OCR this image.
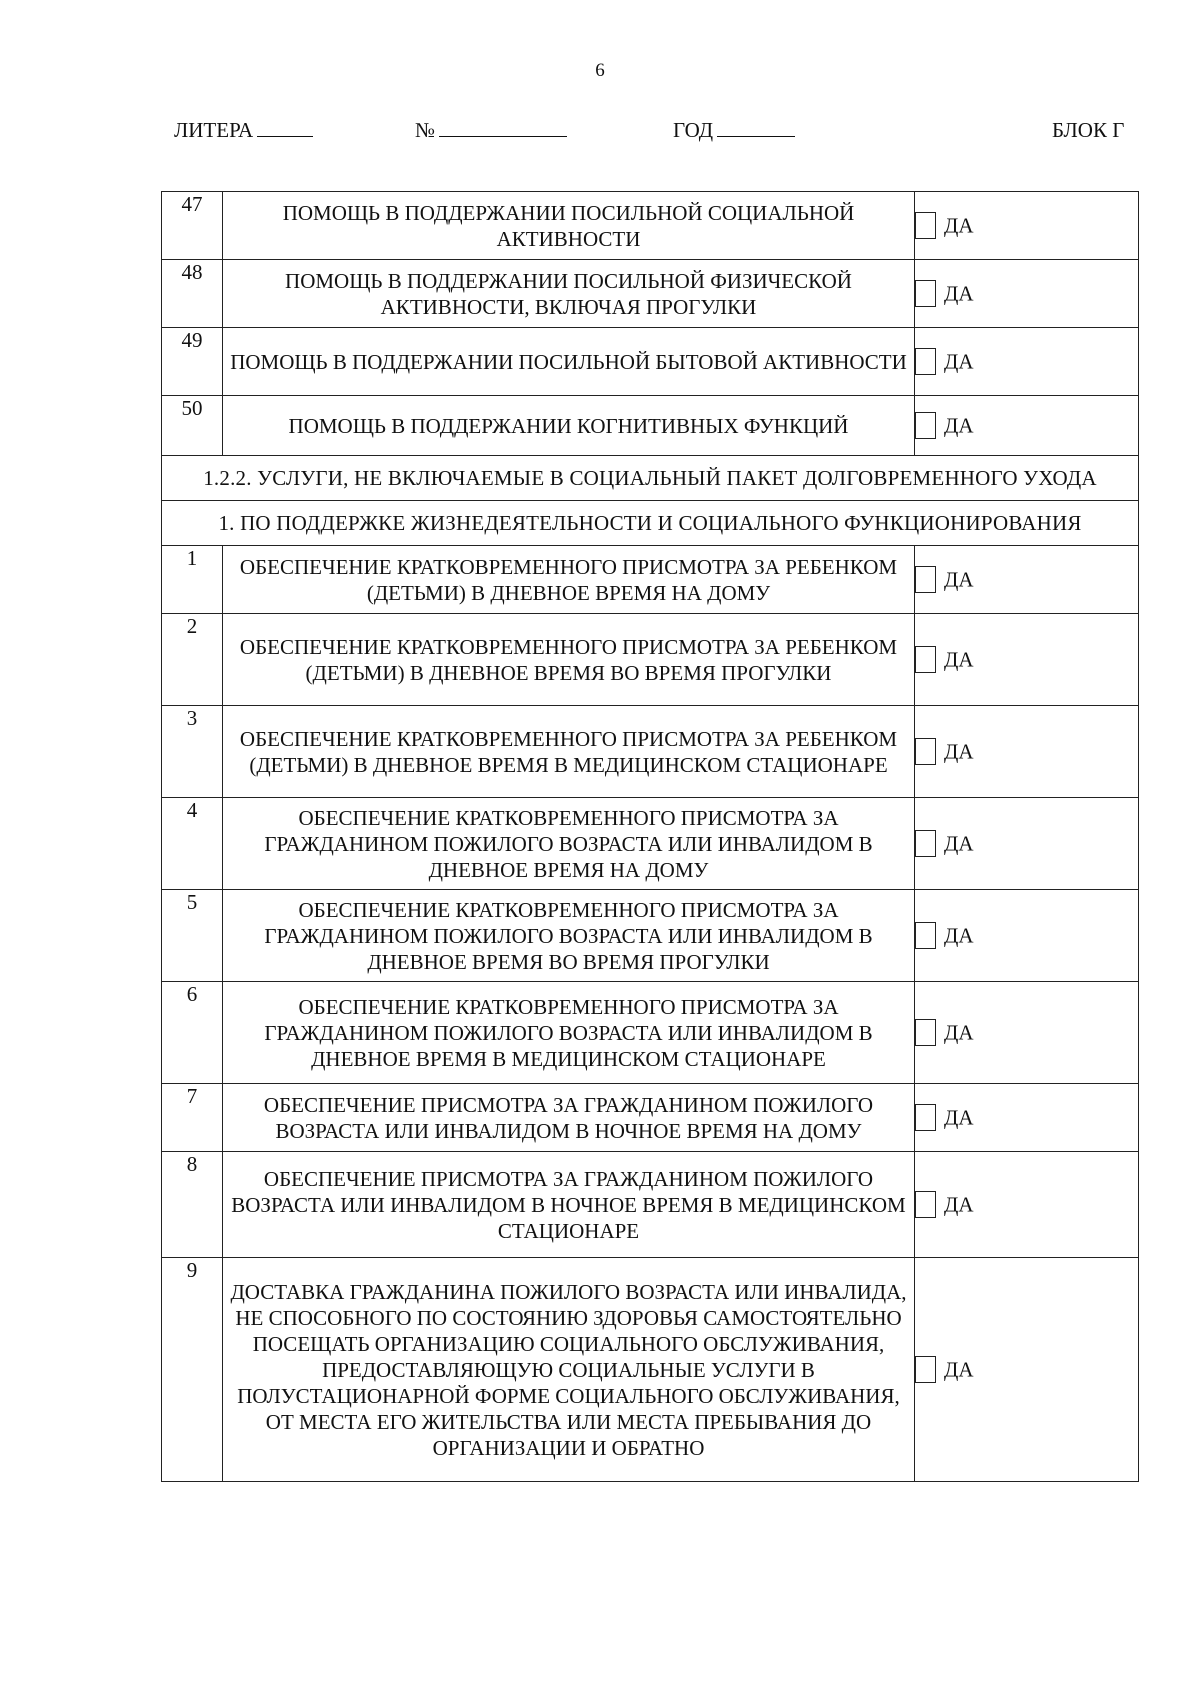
6
ЛИТЕРА	№	ГОД	БЛОК Г
47	ПОМОЩЬ В ПОДДЕРЖАНИИ ПОСИЛЬНОЙ СОЦИАЛЬНОЙ АКТИВНОСТИ	ДА
48	ПОМОЩЬ В ПОДДЕРЖАНИИ ПОСИЛЬНОЙ ФИЗИЧЕСКОЙ АКТИВНОСТИ, ВКЛЮЧАЯ ПРОГУЛКИ	ДА
49	ПОМОЩЬ В ПОДДЕРЖАНИИ ПОСИЛЬНОЙ БЫТОВОЙ АКТИВНОСТИ	ДА
50	ПОМОЩЬ В ПОДДЕРЖАНИИ КОГНИТИВНЫХ ФУНКЦИЙ	ДА
1.2.2. УСЛУГИ, НЕ ВКЛЮЧАЕМЫЕ В СОЦИАЛЬНЫЙ ПАКЕТ ДОЛГОВРЕМЕННОГО УХОДА		
1. ПО ПОДДЕРЖКЕ ЖИЗНЕДЕЯТЕЛЬНОСТИ И СОЦИАЛЬНОГО ФУНКЦИОНИРОВАНИЯ		
1	ОБЕСПЕЧЕНИЕ КРАТКОВРЕМЕННОГО ПРИСМОТРА ЗА РЕБЕНКОМ (ДЕТЬМИ) В ДНЕВНОЕ ВРЕМЯ НА ДОМУ	ДА
2	ОБЕСПЕЧЕНИЕ КРАТКОВРЕМЕННОГО ПРИСМОТРА ЗА РЕБЕНКОМ (ДЕТЬМИ) В ДНЕВНОЕ ВРЕМЯ ВО ВРЕМЯ ПРОГУЛКИ	ДА
3	ОБЕСПЕЧЕНИЕ КРАТКОВРЕМЕННОГО ПРИСМОТРА ЗА РЕБЕНКОМ (ДЕТЬМИ) В ДНЕВНОЕ ВРЕМЯ В МЕДИЦИНСКОМ СТАЦИОНАРЕ	ДА
4	ОБЕСПЕЧЕНИЕ КРАТКОВРЕМЕННОГО ПРИСМОТРА ЗА ГРАЖДАНИНОМ ПОЖИЛОГО ВОЗРАСТА ИЛИ ИНВАЛИДОМ В ДНЕВНОЕ ВРЕМЯ НА ДОМУ	ДА
5	ОБЕСПЕЧЕНИЕ КРАТКОВРЕМЕННОГО ПРИСМОТРА ЗА ГРАЖДАНИНОМ ПОЖИЛОГО ВОЗРАСТА ИЛИ ИНВАЛИДОМ В ДНЕВНОЕ ВРЕМЯ ВО ВРЕМЯ ПРОГУЛКИ	ДА
6	ОБЕСПЕЧЕНИЕ КРАТКОВРЕМЕННОГО ПРИСМОТРА ЗА ГРАЖДАНИНОМ ПОЖИЛОГО ВОЗРАСТА ИЛИ ИНВАЛИДОМ В ДНЕВНОЕ ВРЕМЯ В МЕДИЦИНСКОМ СТАЦИОНАРЕ	ДА
7	ОБЕСПЕЧЕНИЕ ПРИСМОТРА ЗА ГРАЖДАНИНОМ ПОЖИЛОГО ВОЗРАСТА ИЛИ ИНВАЛИДОМ В НОЧНОЕ ВРЕМЯ НА ДОМУ	ДА
8	ОБЕСПЕЧЕНИЕ ПРИСМОТРА ЗА ГРАЖДАНИНОМ ПОЖИЛОГО ВОЗРАСТА ИЛИ ИНВАЛИДОМ В НОЧНОЕ ВРЕМЯ В МЕДИЦИНСКОМ СТАЦИОНАРЕ	ДА
9	ДОСТАВКА ГРАЖДАНИНА ПОЖИЛОГО ВОЗРАСТА ИЛИ ИНВАЛИДА, НЕ СПОСОБНОГО ПО СОСТОЯНИЮ ЗДОРОВЬЯ САМОСТОЯТЕЛЬНО ПОСЕЩАТЬ ОРГАНИЗАЦИЮ СОЦИАЛЬНОГО ОБСЛУЖИВАНИЯ, ПРЕДОСТАВЛЯЮЩУЮ СОЦИАЛЬНЫЕ УСЛУГИ В ПОЛУСТАЦИОНАРНОЙ ФОРМЕ СОЦИАЛЬНОГО ОБСЛУЖИВАНИЯ, ОТ МЕСТА ЕГО ЖИТЕЛЬСТВА ИЛИ МЕСТА ПРЕБЫВАНИЯ ДО ОРГАНИЗАЦИИ И ОБРАТНО	ДА
